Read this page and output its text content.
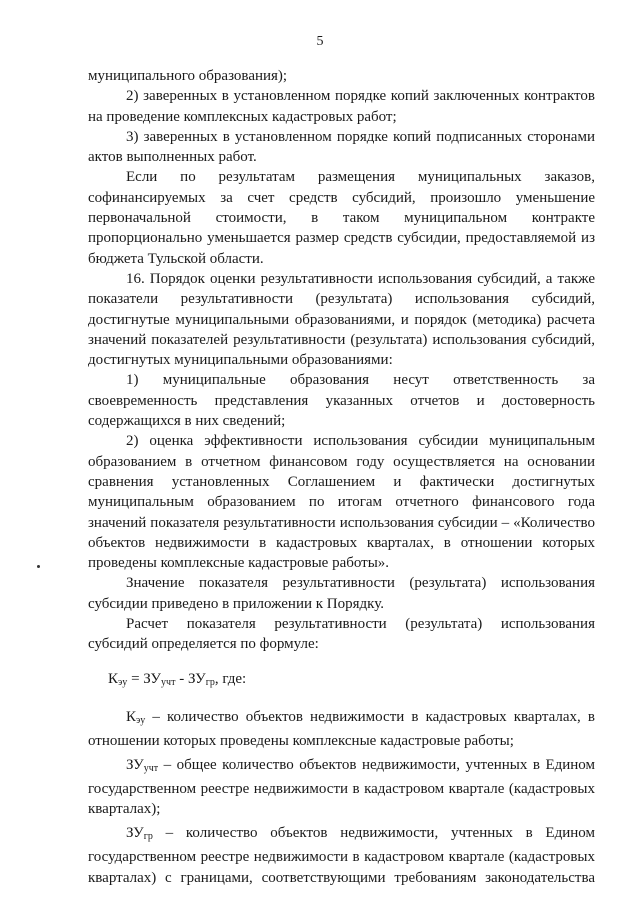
5

муниципального образования);

2) заверенных в установленном порядке копий заключенных контрактов на проведение комплексных кадастровых работ;

3) заверенных в установленном порядке копий подписанных сторонами актов выполненных работ.

Если по результатам размещения муниципальных заказов, софинансируемых за счет средств субсидий, произошло уменьшение первоначальной стоимости, в таком муниципальном контракте пропорционально уменьшается размер средств субсидии, предоставляемой из бюджета Тульской области.

16. Порядок оценки результативности использования субсидий, а также показатели результативности (результата) использования субсидий, достигнутые муниципальными образованиями, и порядок (методика) расчета значений показателей результативности (результата) использования субсидий, достигнутых муниципальными образованиями:

1) муниципальные образования несут ответственность за своевременность представления указанных отчетов и достоверность содержащихся в них сведений;

2) оценка эффективности использования субсидии муниципальным образованием в отчетном финансовом году осуществляется на основании сравнения установленных Соглашением и фактически достигнутых муниципальным образованием по итогам отчетного финансового года значений показателя результативности использования субсидии – «Количество объектов недвижимости в кадастровых кварталах, в отношении которых проведены комплексные кадастровые работы».

Значение показателя результативности (результата) использования субсидии приведено в приложении к Порядку.

Расчет показателя результативности (результата) использования субсидий определяется по формуле:

$К_{эу} = ЗУ_{учт} - ЗУ_{гр}$, где:

$К_{эу}$ – количество объектов недвижимости в кадастровых кварталах, в отношении которых проведены комплексные кадастровые работы;

$ЗУ_{учт}$ – общее количество объектов недвижимости, учтенных в Едином государственном реестре недвижимости в кадастровом квартале (кадастровых кварталах);

$ЗУ_{гр}$ – количество объектов недвижимости, учтенных в Едином государственном реестре недвижимости в кадастровом квартале (кадастровых кварталах) с границами, соответствующими требованиям законодательства
